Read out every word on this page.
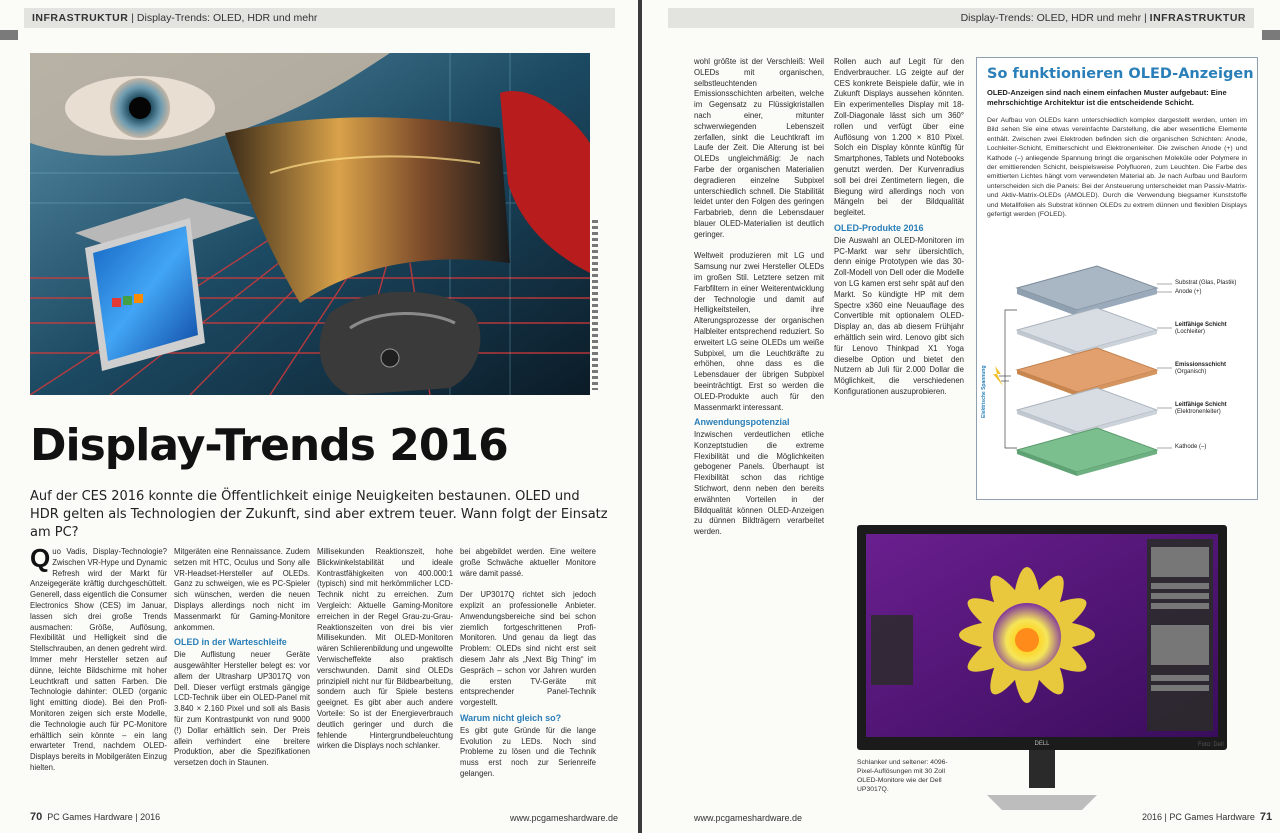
INFRASTRUKTUR
|
Display-Trends: OLED, HDR und mehr
Display-Trends 2016

Auf der CES 2016 konnte die Öffentlichkeit einige Neuigkeiten bestaunen. OLED und HDR gelten als Technologien der Zukunft, sind aber extrem teuer. Wann folgt der Einsatz am PC?

Quo Vadis, Display-Technologie? Zwischen VR-Hype und Dynamic Refresh wird der Markt für Anzeigegeräte kräftig durchgeschüttelt. Generell, dass eigentlich die Consumer Electronics Show (CES) im Januar, lassen sich drei große Trends ausmachen: Größe, Auflösung, Flexibilität und Helligkeit sind die Stellschrauben, an denen gedreht wird. Immer mehr Hersteller setzen auf dünne, leichte Bildschirme mit hoher Leuchtkraft und satten Farben. Die Technologie dahinter: OLED (organic light emitting diode). Bei den Profi-Monitoren zeigen sich erste Modelle, die Technologie auch für PC-Monitore erhältlich sein könnte – ein lang erwarteter Trend, nachdem OLED-Displays bereits in Mobilgeräten Einzug hielten.
Mitgeräten eine Rennaissance. Zudem setzen mit HTC, Oculus und Sony alle VR-Headset-Hersteller auf OLEDs. Ganz zu schweigen, wie es PC-Spieler sich wünschen, werden die neuen Displays allerdings noch nicht im Massenmarkt für Gaming-Monitore ankommen.
OLED in der Warteschleife
Die Auflistung neuer Geräte ausgewählter Hersteller belegt es: vor allem der Ultrasharp UP3017Q von Dell. Dieser verfügt erstmals gängige LCD-Technik über ein OLED-Panel mit 3.840 × 2.160 Pixel und soll als Basis für zum Kontrastpunkt von rund 9000 (!) Dollar erhältlich sein. Der Preis allein verhindert eine breitere Produktion, aber die Spezifikationen versetzen doch in Staunen.
Millisekunden Reaktionszeit, hohe Blickwinkelstabilität und ideale Kontrastfähigkeiten von 400.000:1 (typisch) sind mit herkömmlicher LCD-Technik nicht zu erreichen. Zum Vergleich: Aktuelle Gaming-Monitore erreichen in der Regel Grau-zu-Grau-Reaktionszeiten von drei bis vier Millisekunden. Mit OLED-Monitoren wären Schlierenbildung und ungewollte Verwischeffekte also praktisch verschwunden. Damit sind OLEDs prinzipiell nicht nur für Bildbearbeitung, sondern auch für Spiele bestens geeignet. Es gibt aber auch andere Vorteile: So ist der Energieverbrauch deutlich geringer und durch die fehlende Hintergrundbeleuchtung wirken die Displays noch schlanker.
bei abgebildet werden. Eine weitere große Schwäche aktueller Monitore wäre damit passé.

Der UP3017Q richtet sich jedoch explizit an professionelle Anbieter. Anwendungsbereiche sind bei schon ziemlich fortgeschrittenen Profi-Monitoren. Und genau da liegt das Problem: OLEDs sind nicht erst seit diesem Jahr als „Next Big Thing“ im Gespräch – schon vor Jahren wurden die ersten TV-Geräte mit entsprechender Panel-Technik vorgestellt.
Warum nicht gleich so?
Es gibt gute Gründe für die lange Evolution zu LEDs. Noch sind Probleme zu lösen und die Technik muss erst noch zur Serienreife gelangen.
70 PC Games Hardware | 2016	www.pcgameshardware.de
Display-Trends: OLED, HDR und mehr
|
INFRASTRUKTUR
wohl größte ist der Verschleiß: Weil OLEDs mit organischen, selbstleuchtenden Emissionsschichten arbeiten, welche im Gegensatz zu Flüssigkristallen nach einer, mitunter schwerwiegenden Lebenszeit zerfallen, sinkt die Leuchtkraft im Laufe der Zeit. Die Alterung ist bei OLEDs ungleichmäßig: Je nach Farbe der organischen Materialien degradieren einzelne Subpixel unterschiedlich schnell. Die Stabilität leidet unter den Folgen des geringen Farbabrieb, denn die Lebensdauer blauer OLED-Materialien ist deutlich geringer.

Weltweit produzieren mit LG und Samsung nur zwei Hersteller OLEDs im großen Stil. Letztere setzen mit Farbfiltern in einer Weiterentwicklung der Technologie und damit auf Helligkeitsteilen, ihre Alterungsprozesse der organischen Halbleiter entsprechend reduziert. So erweitert LG seine OLEDs um weiße Subpixel, um die Leuchtkräfte zu erhöhen, ohne dass es die Lebensdauer der übrigen Subpixel beeinträchtigt. Erst so werden die OLED-Produkte auch für den Massenmarkt interessant.
Anwendungspotenzial
Inzwischen verdeutlichen etliche Konzeptstudien die extreme Flexibilität und die Möglichkeiten gebogener Panels. Überhaupt ist Flexibilität schon das richtige Stichwort, denn neben den bereits erwähnten Vorteilen in der Bildqualität können OLED-Anzeigen zu dünnen Bildträgern verarbeitet werden.
Rollen auch auf Legit für den Endverbraucher. LG zeigte auf der CES konkrete Beispiele dafür, wie in Zukunft Displays aussehen könnten. Ein experimentelles Display mit 18-Zoll-Diagonale lässt sich um 360° rollen und verfügt über eine Auflösung von 1.200 × 810 Pixel. Solch ein Display könnte künftig für Smartphones, Tablets und Notebooks genutzt werden. Der Kurvenradius soll bei drei Zentimetern liegen, die Biegung wird allerdings noch von Mängeln bei der Bildqualität begleitet.
OLED-Produkte 2016
Die Auswahl an OLED-Monitoren im PC-Markt war sehr übersichtlich, denn einige Prototypen wie das 30-Zoll-Modell von Dell oder die Modelle von LG kamen erst sehr spät auf den Markt. So kündigte HP mit dem Spectre x360 eine Neuauflage des Convertible mit optionalem OLED-Display an, das ab diesem Frühjahr erhältlich sein wird. Lenovo gibt sich für Lenovo Thinkpad X1 Yoga dieselbe Option und bietet den Nutzern ab Juli für 2.000 Dollar die Möglichkeit, die verschiedenen Konfigurationen auszuprobieren.
So funktionieren OLED-Anzeigen

OLED-Anzeigen sind nach einem einfachen Muster aufgebaut: Eine mehrschichtige Architektur ist die entscheidende Schicht.

Der Aufbau von OLEDs kann unterschiedlich komplex dargestellt werden, unten im Bild sehen Sie eine etwas vereinfachte Darstellung, die aber wesentliche Elemente enthält. Zwischen zwei Elektroden befinden sich die organischen Schichten: Anode, Lochleiter-Schicht, Emitterschicht und Elektronenleiter. Die zwischen Anode (+) und Kathode (–) anliegende Spannung bringt die organischen Moleküle oder Polymere in der emittierenden Schicht, beispielsweise Polyfluoren, zum Leuchten. Die Farbe des emittierten Lichtes hängt vom verwendeten Material ab. Je nach Aufbau und Bauform unterscheiden sich die Panels: Bei der Ansteuerung unterscheidet man Passiv-Matrix- und Aktiv-Matrix-OLEDs (AMOLED). Durch die Verwendung biegsamer Kunststoffe und Metallfolien als Substrat können OLEDs zu extrem dünnen und flexiblen Displays gefertigt werden (FOLED).

Elektrische Spannung
Substrat (Glas, Plastik)
Anode (+)
Leitfähige Schicht
(Lochleiter)
Emissionsschicht
(Organisch)
Leitfähige Schicht
(Elektronenleiter)
Kathode (–)
DELL	Foto: Dell

Schlanker und seltener: 4096-Pixel-Auflösungen mit 30 Zoll OLED-Monitore wie der Dell UP3017Q.

www.pcgameshardware.de	2016 | PC Games Hardware 71
